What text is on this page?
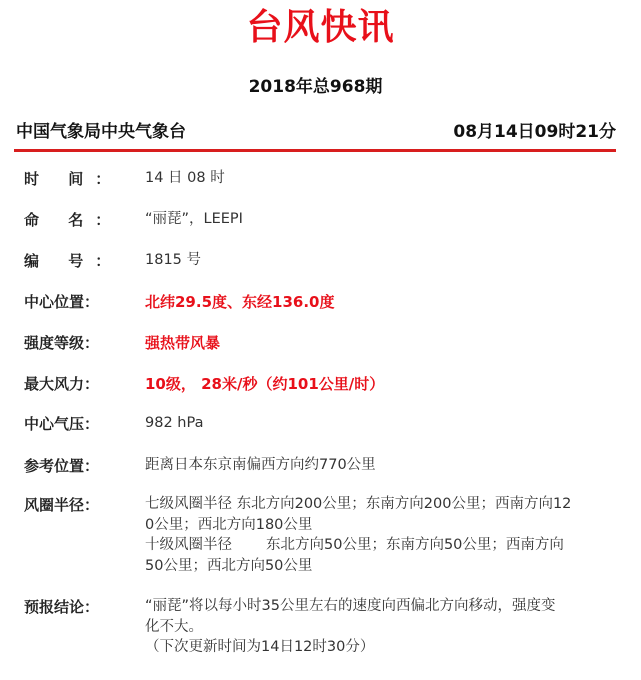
台风快讯
2018年总968期
中国气象局中央气象台	08月14日09时21分
时 间：	14 日 08 时
命 名：	“丽琵”，LEEPI
编 号：	1815 号
中心位置：	北纬29.5度、东经136.0度
强度等级：	强热带风暴
最大风力：	10级， 28米/秒（约101公里/时）
中心气压：	982 hPa
参考位置：	距离日本东京南偏西方向约770公里
风圈半径：	七级风圈半径 东北方向200公里；东南方向200公里；西南方向12
0公里；西北方向180公里
十级风圈半径 东北方向50公里；东南方向50公里；西南方向
50公里；西北方向50公里
预报结论：	“丽琵”将以每小时35公里左右的速度向西偏北方向移动，强度变
化不大。
（下次更新时间为14日12时30分）
